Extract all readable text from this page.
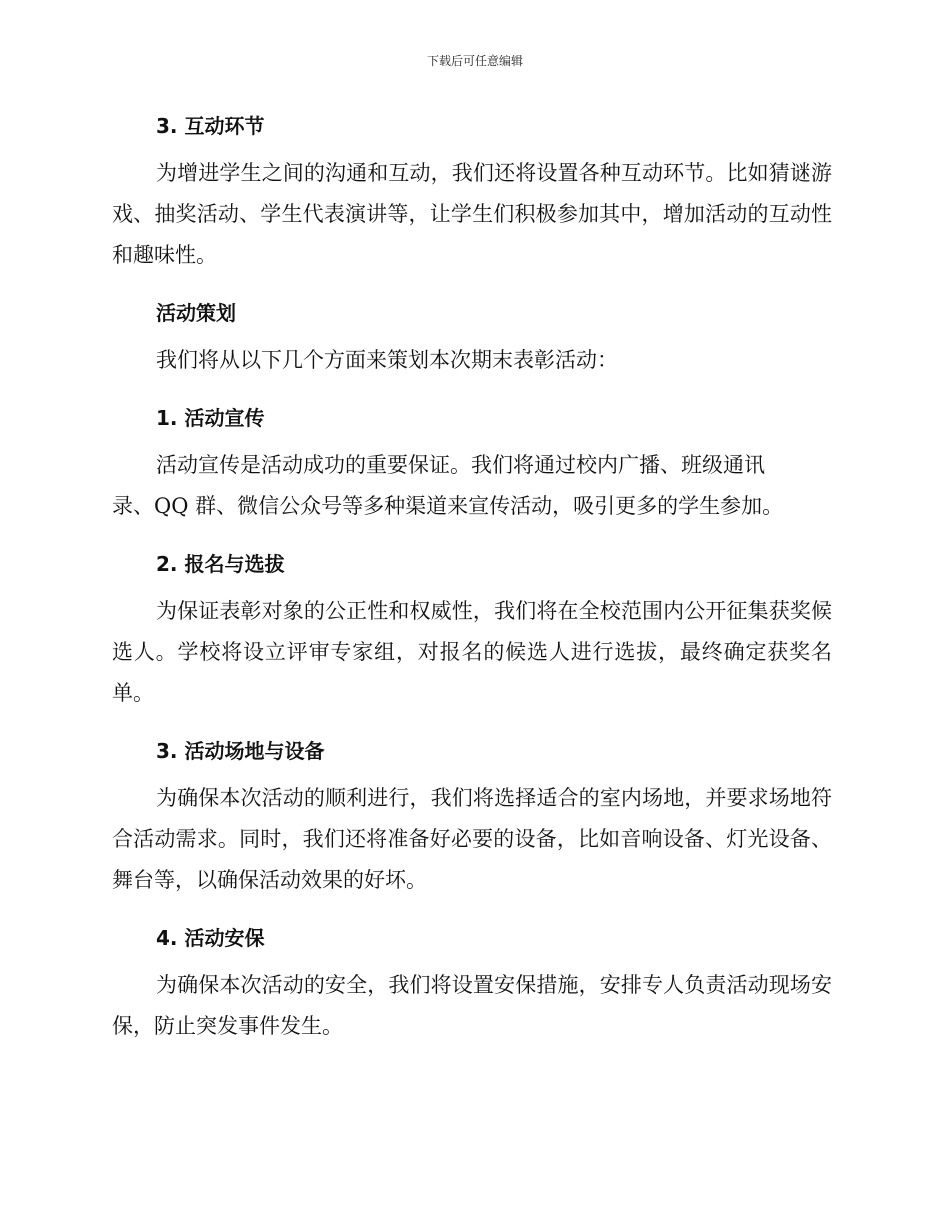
下载后可任意编辑
3. 互动环节

为增进学生之间的沟通和互动，我们还将设置各种互动环节。比如猜谜游戏、抽奖活动、学生代表演讲等，让学生们积极参加其中，增加活动的互动性和趣味性。

活动策划

我们将从以下几个方面来策划本次期末表彰活动：

1. 活动宣传

活动宣传是活动成功的重要保证。我们将通过校内广播、班级通讯
录、QQ 群、微信公众号等多种渠道来宣传活动，吸引更多的学生参加。

2. 报名与选拔

为保证表彰对象的公正性和权威性，我们将在全校范围内公开征集获奖候选人。学校将设立评审专家组，对报名的候选人进行选拔，最终确定获奖名单。

3. 活动场地与设备

为确保本次活动的顺利进行，我们将选择适合的室内场地，并要求场地符合活动需求。同时，我们还将准备好必要的设备，比如音响设备、灯光设备、舞台等，以确保活动效果的好坏。

4. 活动安保

为确保本次活动的安全，我们将设置安保措施，安排专人负责活动现场安保，防止突发事件发生。
